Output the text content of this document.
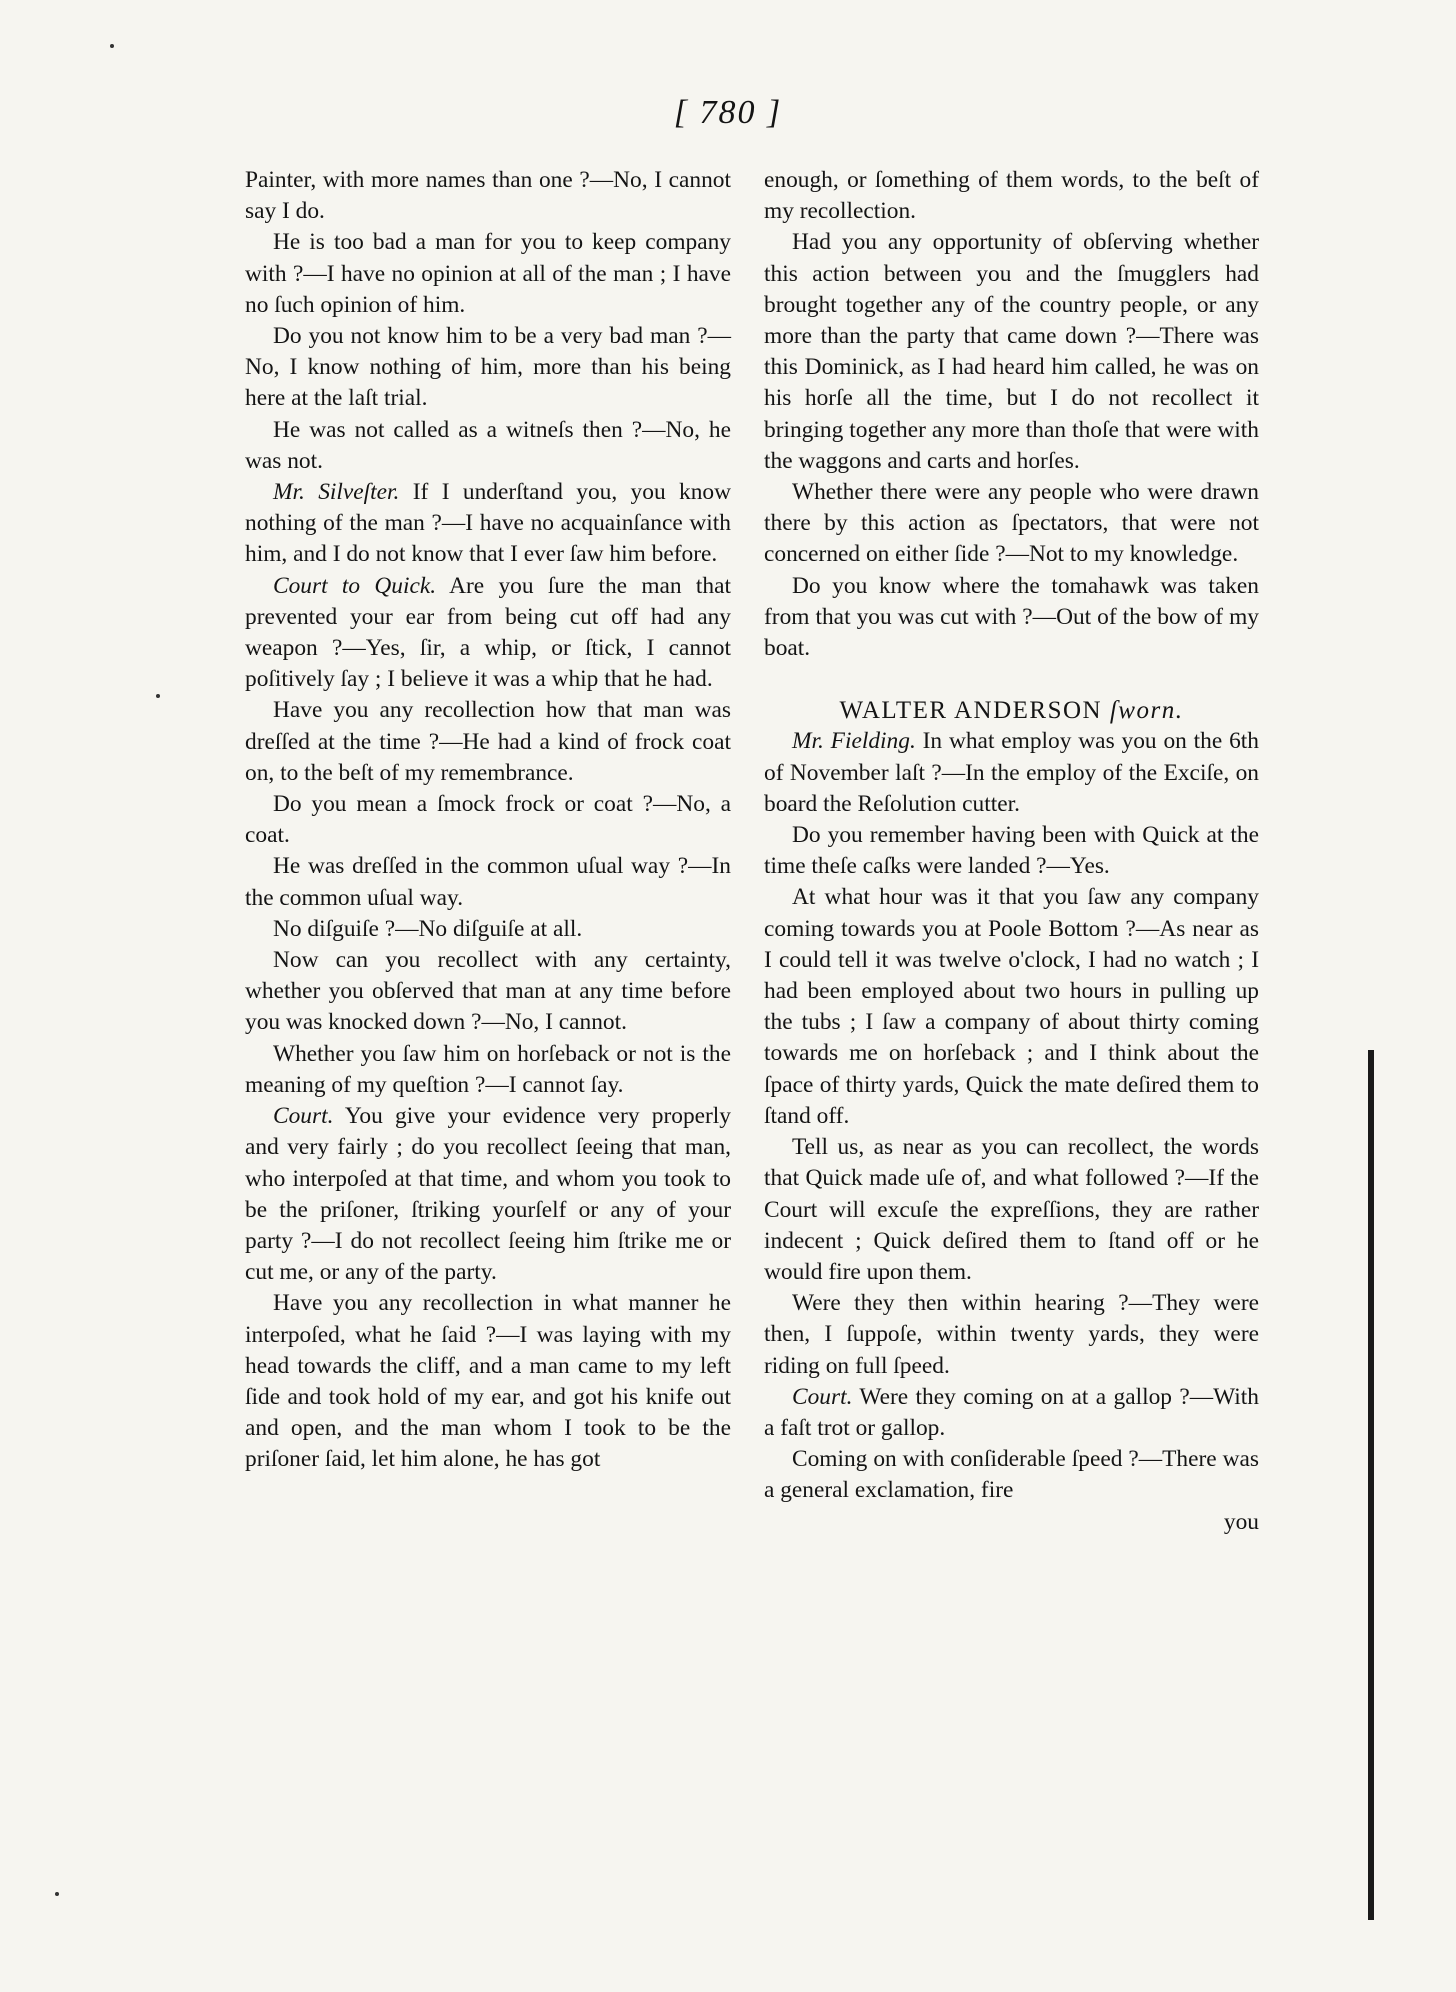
[ 780 ]

Painter, with more names than one ?—No, I cannot say I do.

He is too bad a man for you to keep company with ?—I have no opinion at all of the man ; I have no ſuch opinion of him.

Do you not know him to be a very bad man ?—No, I know nothing of him, more than his being here at the laſt trial.

He was not called as a witneſs then ?—No, he was not.

Mr. Silveſter. If I underſtand you, you know nothing of the man ?—I have no acquainſance with him, and I do not know that I ever ſaw him before.

Court to Quick. Are you ſure the man that prevented your ear from being cut off had any weapon ?—Yes, ſir, a whip, or ſtick, I cannot poſitively ſay ; I believe it was a whip that he had.

Have you any recollection how that man was dreſſed at the time ?—He had a kind of frock coat on, to the beſt of my remembrance.

Do you mean a ſmock frock or coat ?—No, a coat.

He was dreſſed in the common uſual way ?—In the common uſual way.

No diſguiſe ?—No diſguiſe at all.

Now can you recollect with any certainty, whether you obſerved that man at any time before you was knocked down ?—No, I cannot.

Whether you ſaw him on horſeback or not is the meaning of my queſtion ?—I cannot ſay.

Court. You give your evidence very properly and very fairly ; do you recollect ſeeing that man, who interpoſed at that time, and whom you took to be the priſoner, ſtriking yourſelf or any of your party ?—I do not recollect ſeeing him ſtrike me or cut me, or any of the party.

Have you any recollection in what manner he interpoſed, what he ſaid ?—I was laying with my head towards the cliff, and a man came to my left ſide and took hold of my ear, and got his knife out and open, and the man whom I took to be the priſoner ſaid, let him alone, he has got

enough, or ſomething of them words, to the beſt of my recollection.

Had you any opportunity of obſerving whether this action between you and the ſmugglers had brought together any of the country people, or any more than the party that came down ?—There was this Dominick, as I had heard him called, he was on his horſe all the time, but I do not recollect it bringing together any more than thoſe that were with the waggons and carts and horſes.

Whether there were any people who were drawn there by this action as ſpectators, that were not concerned on either ſide ?—Not to my knowledge.

Do you know where the tomahawk was taken from that you was cut with ?—Out of the bow of my boat.

WALTER ANDERSON ſworn.

Mr. Fielding. In what employ was you on the 6th of November laſt ?—In the employ of the Exciſe, on board the Reſolution cutter.

Do you remember having been with Quick at the time theſe caſks were landed ?—Yes.

At what hour was it that you ſaw any company coming towards you at Poole Bottom ?—As near as I could tell it was twelve o'clock, I had no watch ; I had been employed about two hours in pulling up the tubs ; I ſaw a company of about thirty coming towards me on horſeback ; and I think about the ſpace of thirty yards, Quick the mate deſired them to ſtand off.

Tell us, as near as you can recollect, the words that Quick made uſe of, and what followed ?—If the Court will excuſe the expreſſions, they are rather indecent ; Quick deſired them to ſtand off or he would fire upon them.

Were they then within hearing ?—They were then, I ſuppoſe, within twenty yards, they were riding on full ſpeed.

Court. Were they coming on at a gallop ?—With a faſt trot or gallop.

Coming on with conſiderable ſpeed ?—There was a general exclamation, fire

you
